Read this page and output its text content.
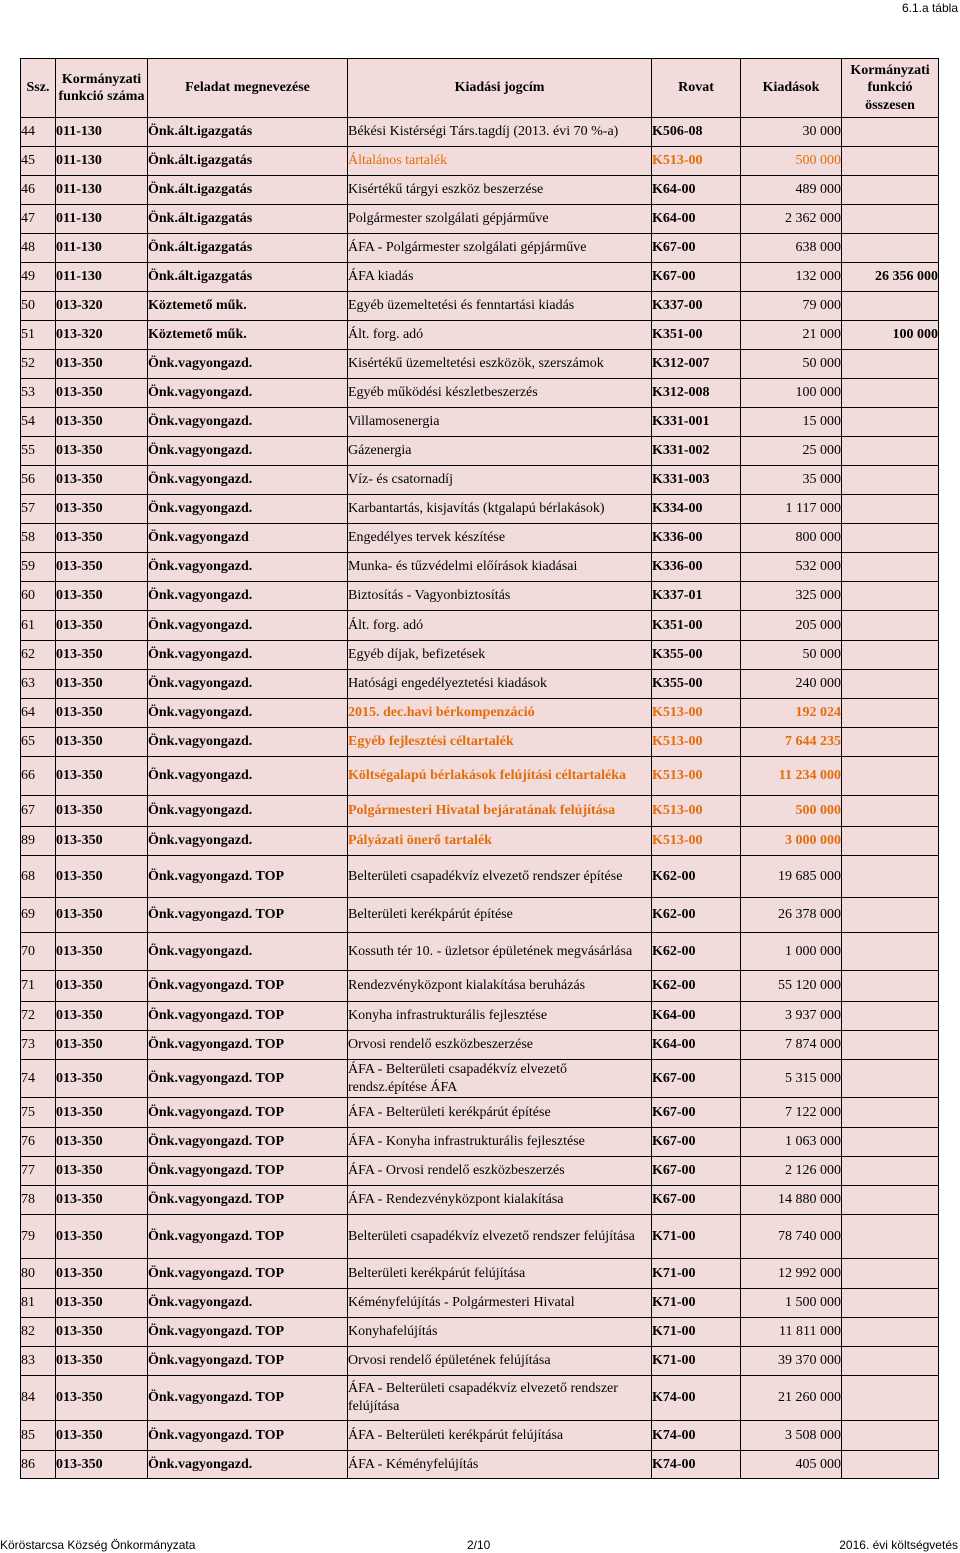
6.1.a tábla
Ssz.	Kormányzati
funkció száma	Feladat megnevezése	Kiadási jogcím	Rovat	Kiadások	Kormányzati
funkció
összesen
44	011-130	Önk.ált.igazgatás	Békési Kistérségi Társ.tagdíj (2013. évi 70 %-a)	K506-08	30 000	
45	011-130	Önk.ált.igazgatás	Általános tartalék	K513-00	500 000	
46	011-130	Önk.ált.igazgatás	Kisértékű tárgyi eszköz beszerzése	K64-00	489 000	
47	011-130	Önk.ált.igazgatás	Polgármester szolgálati gépjárműve	K64-00	2 362 000	
48	011-130	Önk.ált.igazgatás	ÁFA - Polgármester szolgálati gépjárműve	K67-00	638 000	
49	011-130	Önk.ált.igazgatás	ÁFA kiadás	K67-00	132 000	26 356 000
50	013-320	Köztemető műk.	Egyéb üzemeltetési és fenntartási kiadás	K337-00	79 000	
51	013-320	Köztemető műk.	Ált. forg. adó	K351-00	21 000	100 000
52	013-350	Önk.vagyongazd.	Kisértékű üzemeltetési eszközök, szerszámok	K312-007	50 000	
53	013-350	Önk.vagyongazd.	Egyéb működési készletbeszerzés	K312-008	100 000	
54	013-350	Önk.vagyongazd.	Villamosenergia	K331-001	15 000	
55	013-350	Önk.vagyongazd.	Gázenergia	K331-002	25 000	
56	013-350	Önk.vagyongazd.	Víz- és csatornadíj	K331-003	35 000	
57	013-350	Önk.vagyongazd.	Karbantartás, kisjavítás (ktgalapú bérlakások)	K334-00	1 117 000	
58	013-350	Önk.vagyongazd	Engedélyes tervek készítése	K336-00	800 000	
59	013-350	Önk.vagyongazd.	Munka- és tűzvédelmi előírások kiadásai	K336-00	532 000	
60	013-350	Önk.vagyongazd.	Biztosítás - Vagyonbiztosítás	K337-01	325 000	
61	013-350	Önk.vagyongazd.	Ált. forg. adó	K351-00	205 000	
62	013-350	Önk.vagyongazd.	Egyéb díjak, befizetések	K355-00	50 000	
63	013-350	Önk.vagyongazd.	Hatósági engedélyeztetési kiadások	K355-00	240 000	
64	013-350	Önk.vagyongazd.	2015. dec.havi bérkompenzáció	K513-00	192 024	
65	013-350	Önk.vagyongazd.	Egyéb fejlesztési céltartalék	K513-00	7 644 235	
66	013-350	Önk.vagyongazd.	Költségalapú bérlakások felújítási céltartaléka	K513-00	11 234 000	
67	013-350	Önk.vagyongazd.	Polgármesteri Hivatal bejáratának felújítása	K513-00	500 000	
89	013-350	Önk.vagyongazd.	Pályázati önerő tartalék	K513-00	3 000 000	
68	013-350	Önk.vagyongazd. TOP	Belterületi csapadékvíz elvezető rendszer építése	K62-00	19 685 000	
69	013-350	Önk.vagyongazd. TOP	Belterületi kerékpárút építése	K62-00	26 378 000	
70	013-350	Önk.vagyongazd.	Kossuth tér 10. - üzletsor épületének megvásárlása	K62-00	1 000 000	
71	013-350	Önk.vagyongazd. TOP	Rendezvényközpont kialakítása beruházás	K62-00	55 120 000	
72	013-350	Önk.vagyongazd. TOP	Konyha infrastrukturális fejlesztése	K64-00	3 937 000	
73	013-350	Önk.vagyongazd. TOP	Orvosi rendelő eszközbeszerzése	K64-00	7 874 000	
74	013-350	Önk.vagyongazd. TOP	ÁFA - Belterületi csapadékvíz elvezető
rendsz.építése ÁFA	K67-00	5 315 000	
75	013-350	Önk.vagyongazd. TOP	ÁFA - Belterületi kerékpárút építése	K67-00	7 122 000	
76	013-350	Önk.vagyongazd. TOP	ÁFA - Konyha infrastrukturális fejlesztése	K67-00	1 063 000	
77	013-350	Önk.vagyongazd. TOP	ÁFA - Orvosi rendelő eszközbeszerzés	K67-00	2 126 000	
78	013-350	Önk.vagyongazd. TOP	ÁFA - Rendezvényközpont kialakítása	K67-00	14 880 000	
79	013-350	Önk.vagyongazd. TOP	Belterületi csapadékvíz elvezető rendszer felújítása	K71-00	78 740 000	
80	013-350	Önk.vagyongazd. TOP	Belterületi kerékpárút felújítása	K71-00	12 992 000	
81	013-350	Önk.vagyongazd.	Kéményfelújítás - Polgármesteri Hivatal	K71-00	1 500 000	
82	013-350	Önk.vagyongazd. TOP	Konyhafelújítás	K71-00	11 811 000	
83	013-350	Önk.vagyongazd. TOP	Orvosi rendelő épületének felújítása	K71-00	39 370 000	
84	013-350	Önk.vagyongazd. TOP	ÁFA - Belterületi csapadékvíz elvezető rendszer
felújítása	K74-00	21 260 000	
85	013-350	Önk.vagyongazd. TOP	ÁFA - Belterületi kerékpárút felújítása	K74-00	3 508 000	
86	013-350	Önk.vagyongazd.	ÁFA - Kéményfelújítás	K74-00	405 000	
Köröstarcsa Község Önkormányzata	2/10	2016. évi költségvetés
